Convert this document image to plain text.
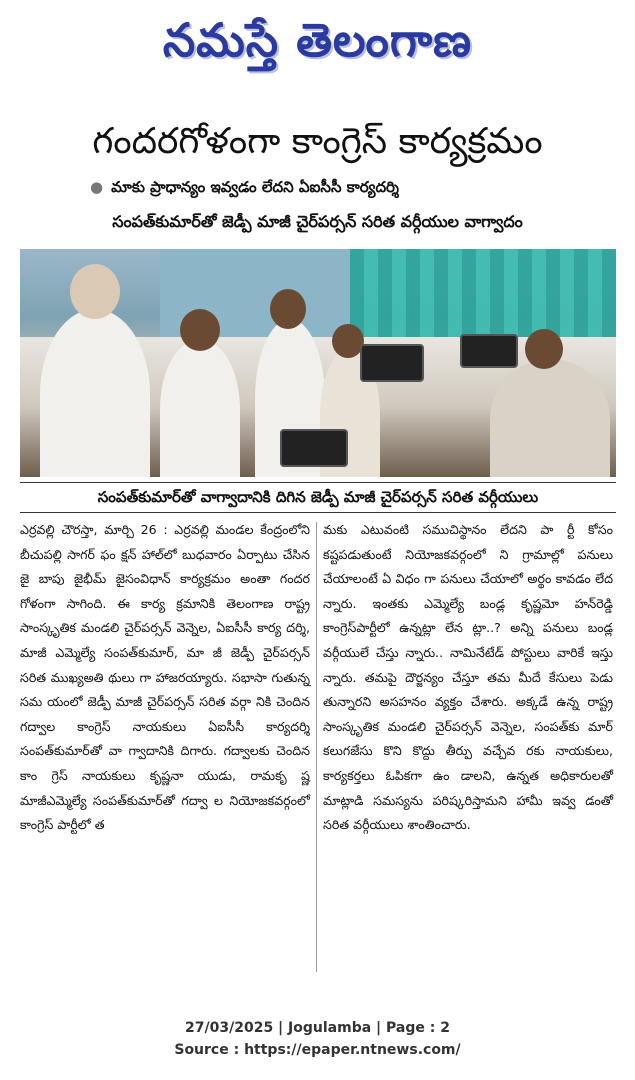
నమస్తే తెలంగాణ
గందరగోళంగా కాంగ్రెస్ కార్యక్రమం
● మాకు ప్రాధాన్యం ఇవ్వడం లేదని ఏఐసీసీ కార్యదర్శి
సంపత్‌కుమార్‌తో జెడ్పీ మాజీ చైర్‌పర్సన్ సరిత వర్గీయుల వాగ్వాదం
సంపత్‌కుమార్‌తో వాగ్వాదానికి దిగిన జెడ్పీ మాజీ చైర్‌పర్సన్ సరిత వర్గీయులు
ఎర్రవల్లి చౌరస్తా, మార్చి 26 : ఎర్రవల్లి మండల కేంద్రంలోని బీచుపల్లి సాగర్ ఫం క్షన్ హాల్‌లో బుధవారం ఏర్పాటు చేసిన జై బాపు జైభీమ్ జైసంవిధాన్ కార్యక్రమం అంతా గందర గోళంగా సాగింది. ఈ కార్య క్రమానికి తెలంగాణ రాష్ట్ర సాంస్కృతిక మండలి చైర్‌పర్సన్ వెన్నెల, ఏఐసీసీ కార్య దర్శి, మాజీ ఎమ్మెల్యే సంపత్‌కుమార్, మా జీ జెడ్పీ చైర్‌పర్సన్ సరిత ముఖ్యఅతి థులు గా హాజరయ్యారు. సభాసా గుతున్న సమ యంలో జెడ్పీ మాజీ చైర్‌పర్సన్ సరిత వర్గా నికి చెందిన గద్వాల కాంగ్రెస్ నాయకులు ఏఐసీసీ కార్యదర్శి సంపత్‌కుమార్‌తో వా గ్వాదానికి దిగారు. గద్వాలకు చెందిన కాం గ్రెస్ నాయకులు కృష్ణనా యుడు, రామకృ ష్ణ మాజీఎమ్మెల్యే సంపత్‌కుమార్‌తో గద్వా ల నియోజకవర్గంలో కాంగ్రెస్ పార్టీలో త
మకు ఎటువంటి సముచిస్థానం లేదని పా ర్టీ కోసం కష్టపడుతుంటే నియోజకవర్గంలో ని గ్రామాల్లో పనులు చేయాలంటే ఏ విధం గా పనులు చేయాలో అర్థం కావడం లేద న్నారు. ఇంతకు ఎమ్మెల్యే బండ్ల కృష్ణమో హన్‌రెడ్డి కాంగ్రెస్‌పార్టీలో ఉన్నట్లా లేన ట్లా..? అన్ని పనులు బండ్ల వర్గీయులే చేస్తు న్నారు.. నామినేటేడ్ పోస్టులు వారికే ఇస్తు న్నారు. తమపై దౌర్జన్యం చేస్తూ తమ మీదే కేసులు పెడు తున్నారని అసహనం వ్యక్తం చేశారు. అక్కడే ఉన్న రాష్ట్ర సాంస్కృతిక మండలి చైర్‌పర్సన్ వెన్నెల, సంపత్‌కు మార్ కలుగజేసు కొని కొద్దు తీర్పు వచ్చేవ రకు నాయకులు, కార్యకర్తలు ఓపికగా ఉం డాలని, ఉన్నత అధికారులతో మాట్లాడి సమస్యను పరిష్కరిస్తామని హామీ ఇవ్వ డంతో సరిత వర్గీయులు శాంతించారు.
27/03/2025 | Jogulamba | Page : 2
Source : https://epaper.ntnews.com/
